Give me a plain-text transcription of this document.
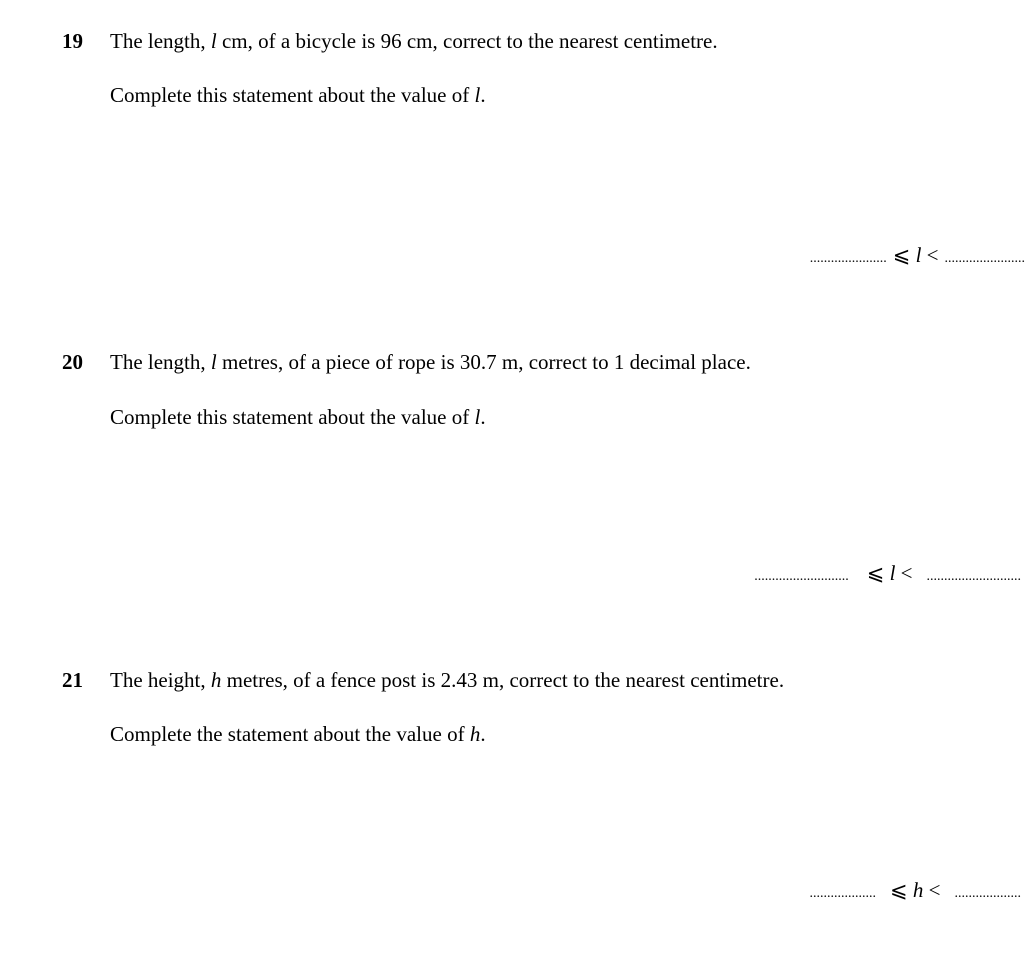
19 The length, l cm, of a bicycle is 96 cm, correct to the nearest centimetre.
Complete this statement about the value of l.
...................... ⩽ l < .......................
20 The length, l metres, of a piece of rope is 30.7 m, correct to 1 decimal place.
Complete this statement about the value of l.
........................... ⩽ l <	...........................
21 The height, h metres, of a fence post is 2.43 m, correct to the nearest centimetre.
Complete the statement about the value of h.
................... ⩽ h <	...................
